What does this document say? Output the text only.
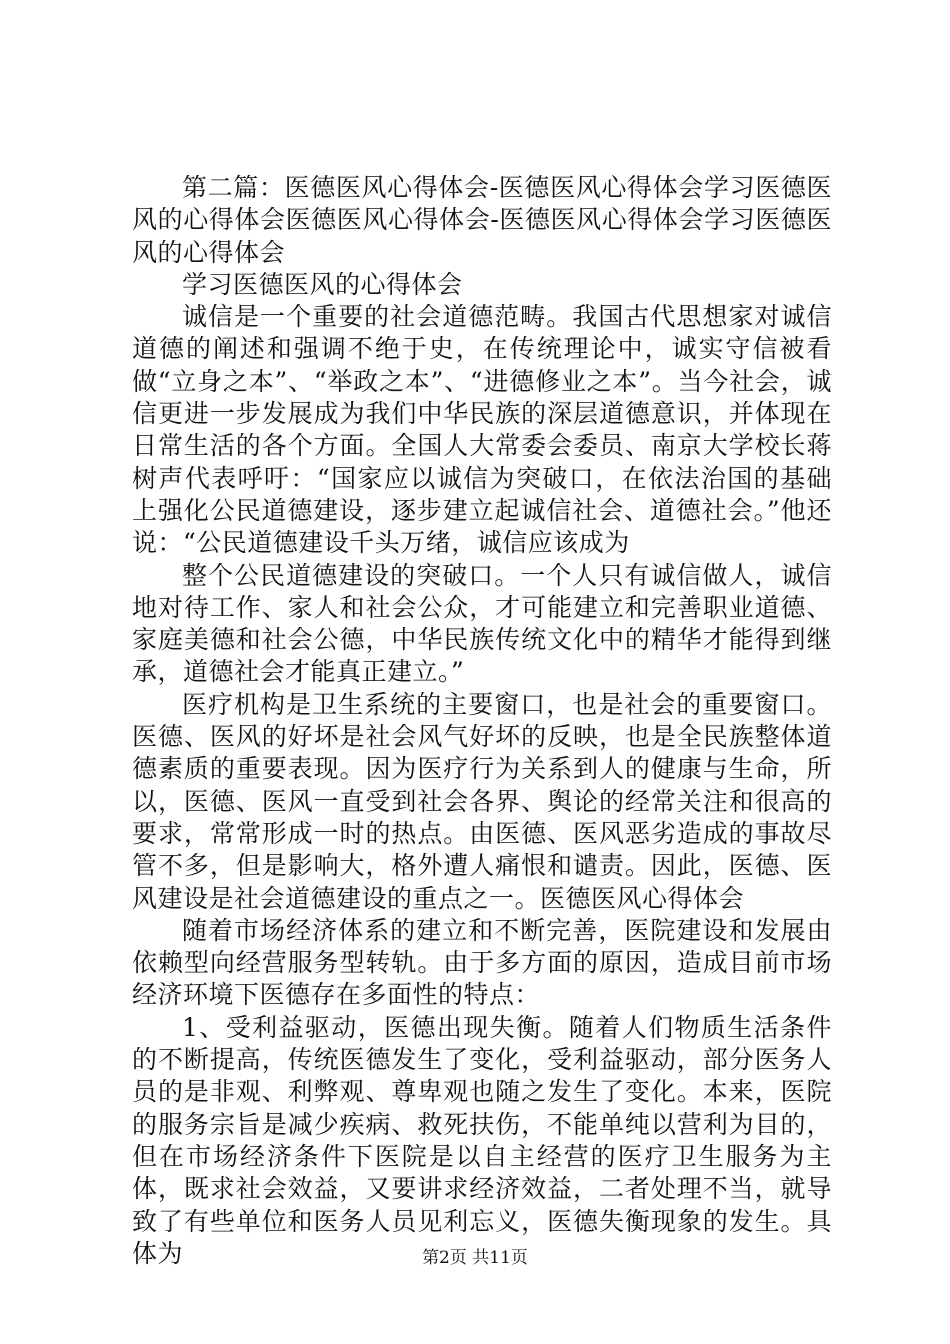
第二篇：医德医风心得体会-医德医风心得体会学习医德医风的心得体会医德医风心得体会-医德医风心得体会学习医德医风的心得体会

学习医德医风的心得体会

诚信是一个重要的社会道德范畴。我国古代思想家对诚信道德的阐述和强调不绝于史，在传统理论中，诚实守信被看做“立身之本”、“举政之本”、“进德修业之本”。当今社会，诚信更进一步发展成为我们中华民族的深层道德意识，并体现在日常生活的各个方面。全国人大常委会委员、南京大学校长蒋树声代表呼吁：“国家应以诚信为突破口，在依法治国的基础上强化公民道德建设，逐步建立起诚信社会、道德社会。”他还说：“公民道德建设千头万绪，诚信应该成为

整个公民道德建设的突破口。一个人只有诚信做人，诚信地对待工作、家人和社会公众，才可能建立和完善职业道德、家庭美德和社会公德，中华民族传统文化中的精华才能得到继承，道德社会才能真正建立。”

医疗机构是卫生系统的主要窗口，也是社会的重要窗口。医德、医风的好坏是社会风气好坏的反映，也是全民族整体道德素质的重要表现。因为医疗行为关系到人的健康与生命，所以，医德、医风一直受到社会各界、舆论的经常关注和很高的要求，常常形成一时的热点。由医德、医风恶劣造成的事故尽管不多，但是影响大，格外遭人痛恨和谴责。因此，医德、医风建设是社会道德建设的重点之一。医德医风心得体会

随着市场经济体系的建立和不断完善，医院建设和发展由依赖型向经营服务型转轨。由于多方面的原因，造成目前市场经济环境下医德存在多面性的特点：

1、受利益驱动，医德出现失衡。随着人们物质生活条件的不断提高，传统医德发生了变化，受利益驱动，部分医务人员的是非观、利弊观、尊卑观也随之发生了变化。本来，医院的服务宗旨是减少疾病、救死扶伤，不能单纯以营利为目的，但在市场经济条件下医院是以自主经营的医疗卫生服务为主体，既求社会效益，又要讲求经济效益，二者处理不当，就导致了有些单位和医务人员见利忘义，医德失衡现象的发生。具体为	第2页 共11页
